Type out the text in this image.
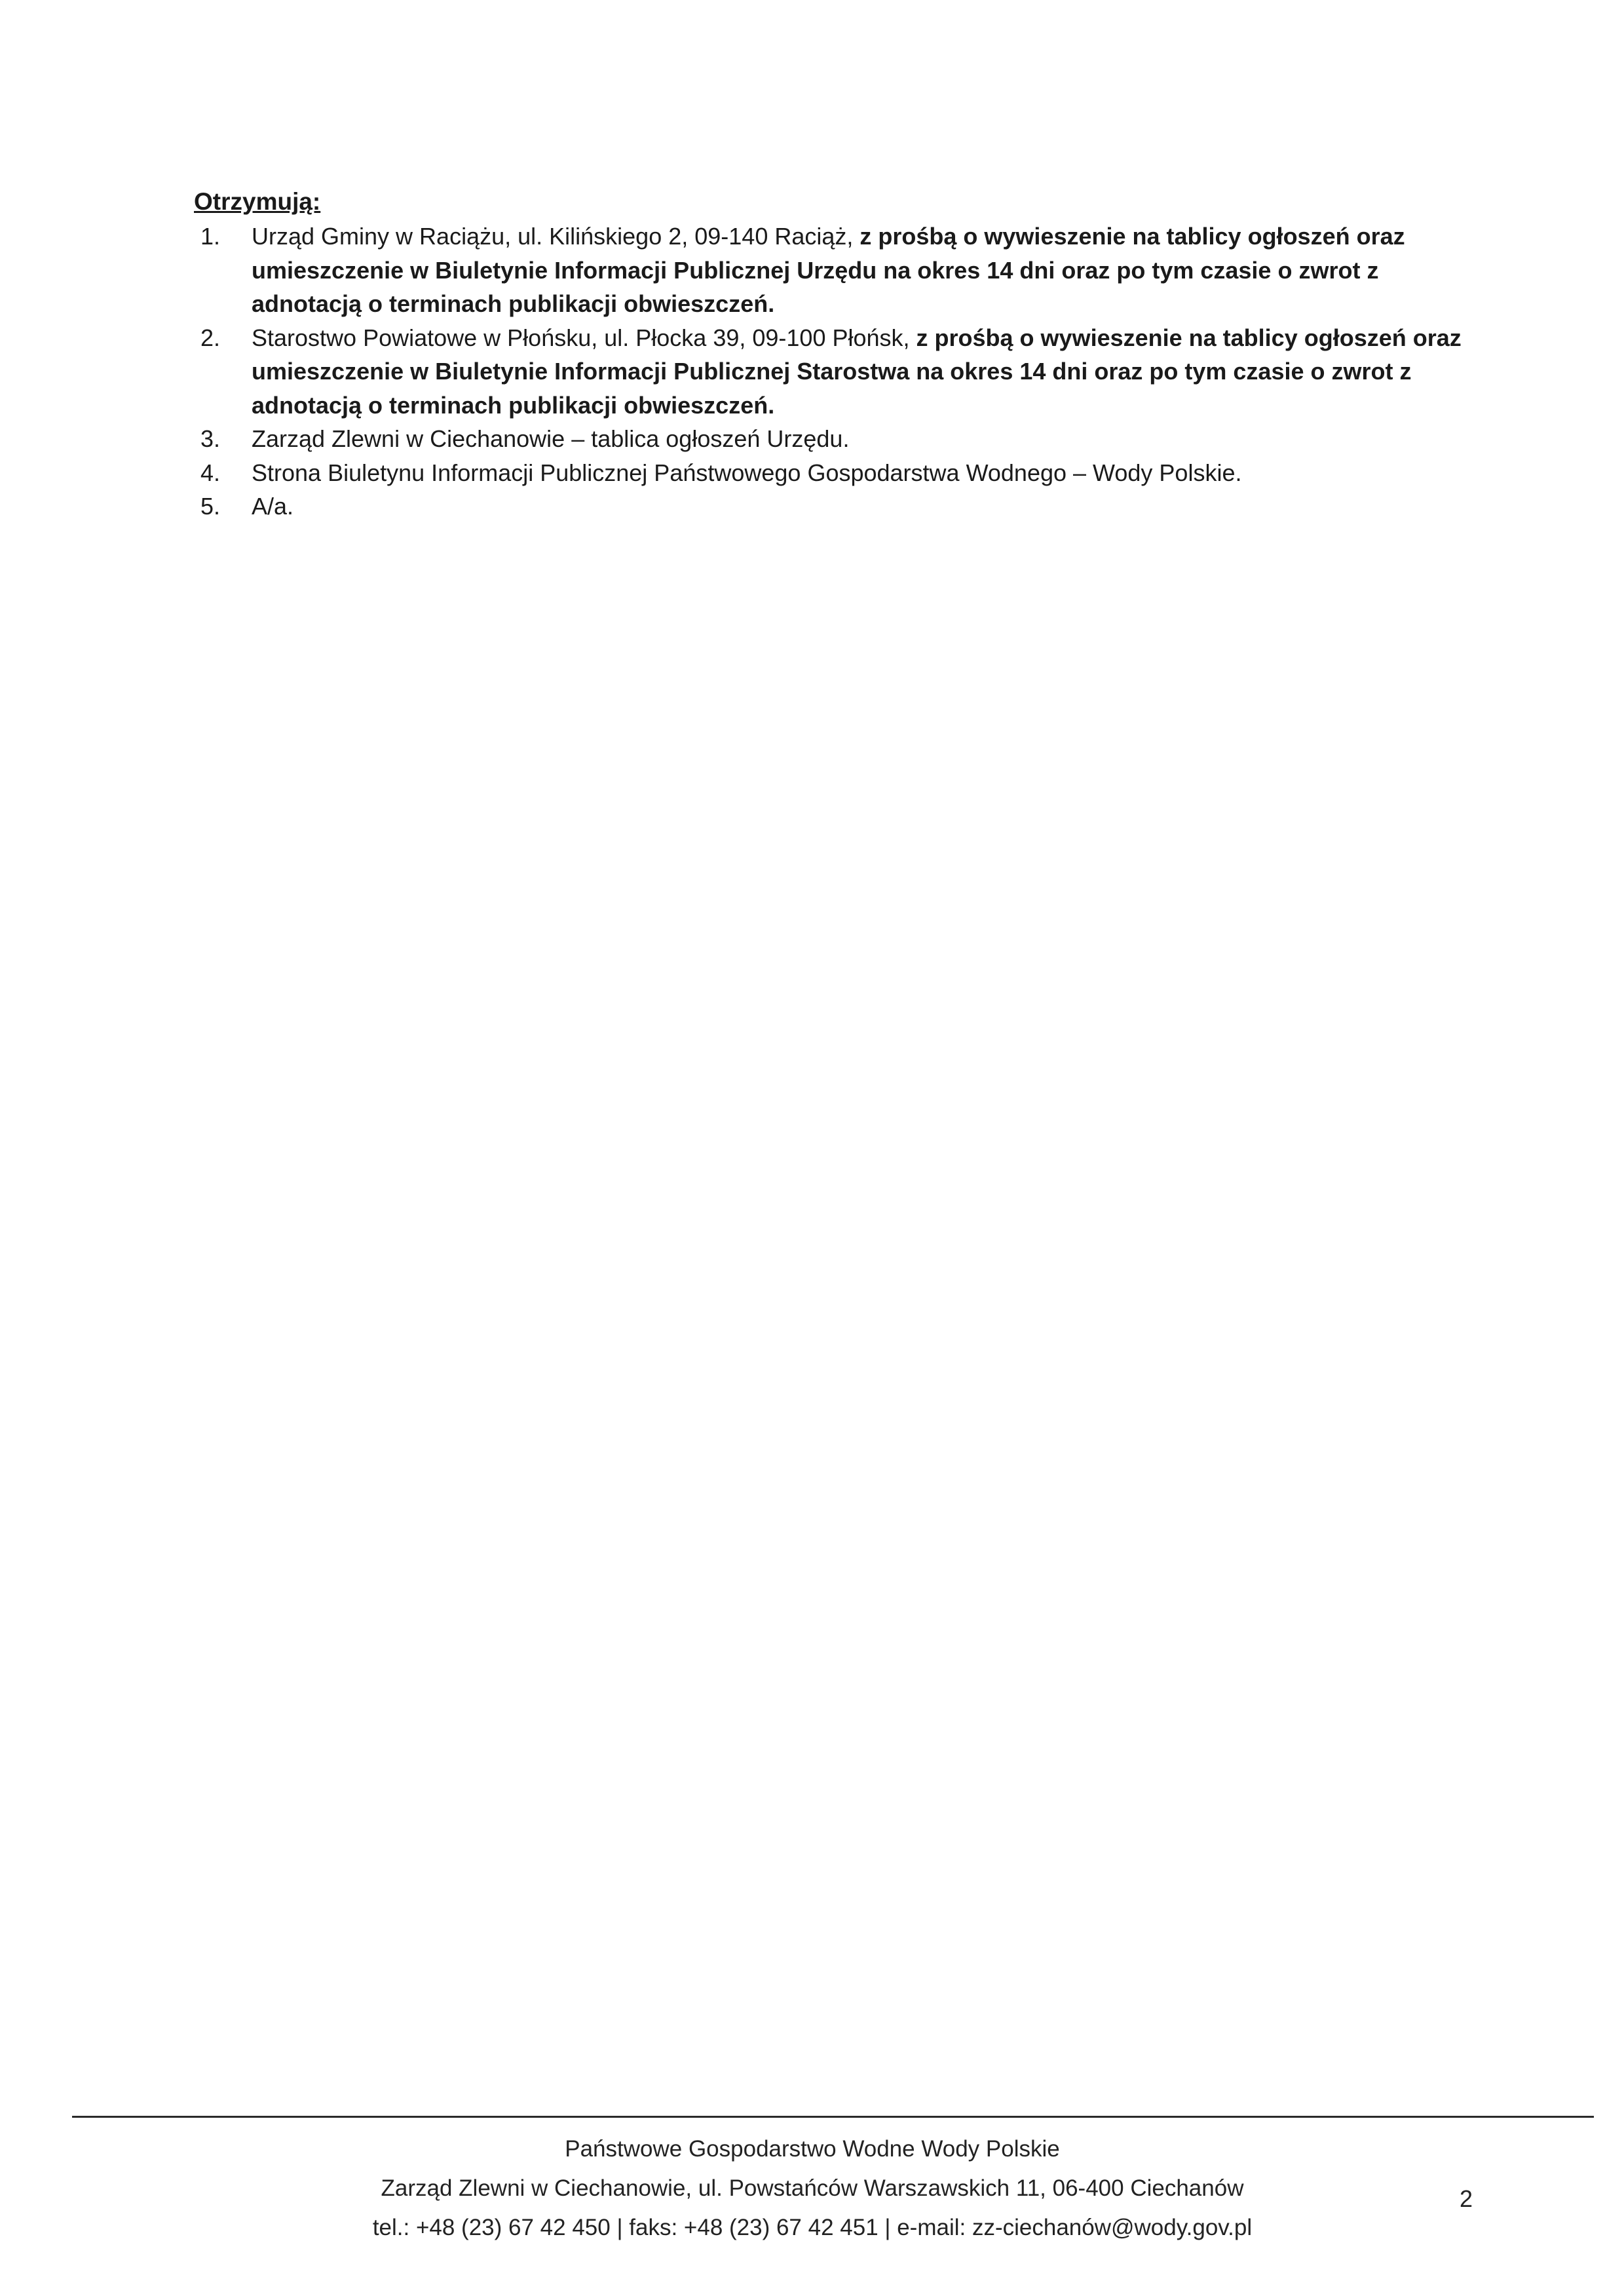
Otrzymują:
1. Urząd Gminy w Raciążu, ul. Kilińskiego 2, 09-140 Raciąż, z prośbą o wywieszenie na tablicy ogłoszeń oraz umieszczenie w Biuletynie Informacji Publicznej Urzędu na okres 14 dni oraz po tym czasie o zwrot z adnotacją o terminach publikacji obwieszczeń.
2. Starostwo Powiatowe w Płońsku, ul. Płocka 39, 09-100 Płońsk, z prośbą o wywieszenie na tablicy ogłoszeń oraz umieszczenie w Biuletynie Informacji Publicznej Starostwa na okres 14 dni oraz po tym czasie o zwrot z adnotacją o terminach publikacji obwieszczeń.
3. Zarząd Zlewni w Ciechanowie – tablica ogłoszeń Urzędu.
4. Strona Biuletynu Informacji Publicznej Państwowego Gospodarstwa Wodnego – Wody Polskie.
5. A/a.
Państwowe Gospodarstwo Wodne Wody Polskie
Zarząd Zlewni w Ciechanowie, ul. Powstańców Warszawskich 11, 06-400 Ciechanów
tel.: +48 (23) 67 42 450 | faks: +48 (23) 67 42 451 | e-mail: zz-ciechanów@wody.gov.pl
2
